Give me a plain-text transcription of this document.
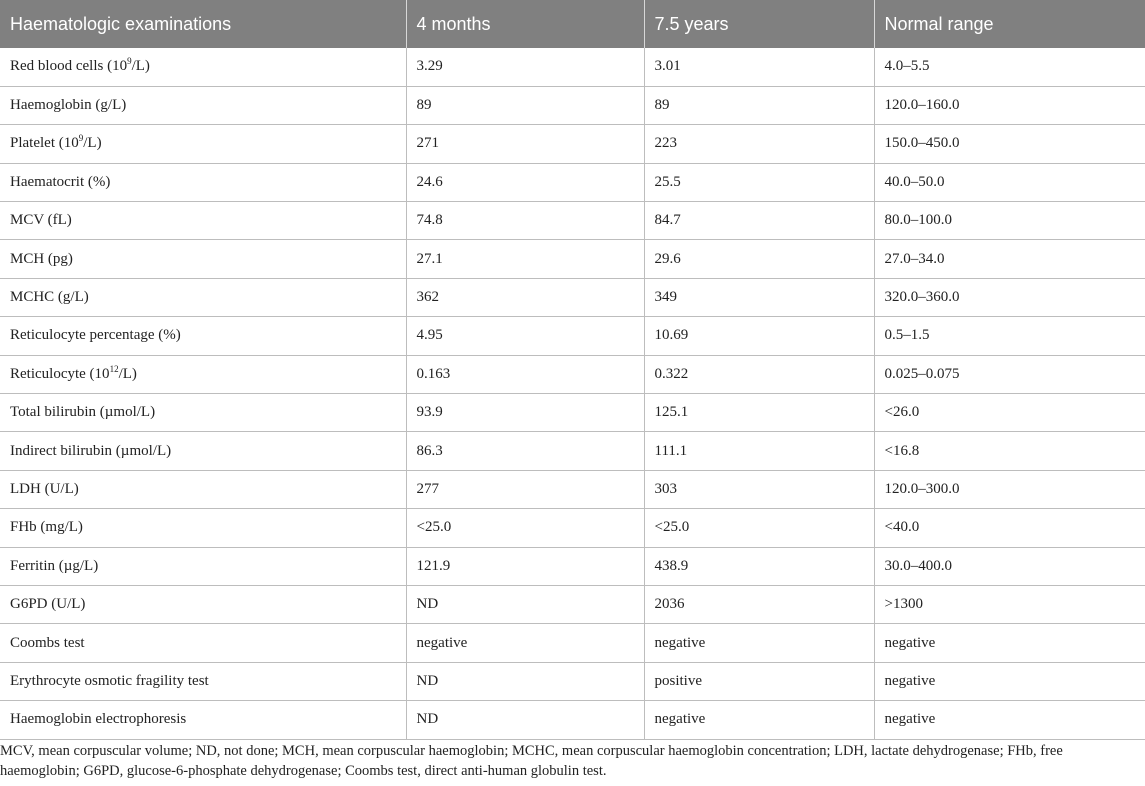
Haematologic examinations	4 months	7.5 years	Normal range
Red blood cells $(10^9/L)$	3.29	3.01	4.0–5.5
Haemoglobin (g/L)	89	89	120.0–160.0
Platelet $(10^9/L)$	271	223	150.0–450.0
Haematocrit (%)	24.6	25.5	40.0–50.0
MCV (fL)	74.8	84.7	80.0–100.0
MCH (pg)	27.1	29.6	27.0–34.0
MCHC (g/L)	362	349	320.0–360.0
Reticulocyte percentage (%)	4.95	10.69	0.5–1.5
Reticulocyte $(10^{12}/L)$	0.163	0.322	0.025–0.075
Total bilirubin (µmol/L)	93.9	125.1	<26.0
Indirect bilirubin (µmol/L)	86.3	111.1	<16.8
LDH (U/L)	277	303	120.0–300.0
FHb (mg/L)	<25.0	<25.0	<40.0
Ferritin (µg/L)	121.9	438.9	30.0–400.0
G6PD (U/L)	ND	2036	>1300
Coombs test	negative	negative	negative
Erythrocyte osmotic fragility test	ND	positive	negative
Haemoglobin electrophoresis	ND	negative	negative
MCV, mean corpuscular volume; ND, not done; MCH, mean corpuscular haemoglobin; MCHC, mean corpuscular haemoglobin concentration; LDH, lactate dehydrogenase; FHb, free haemoglobin; G6PD, glucose-6-phosphate dehydrogenase; Coombs test, direct anti-human globulin test.
